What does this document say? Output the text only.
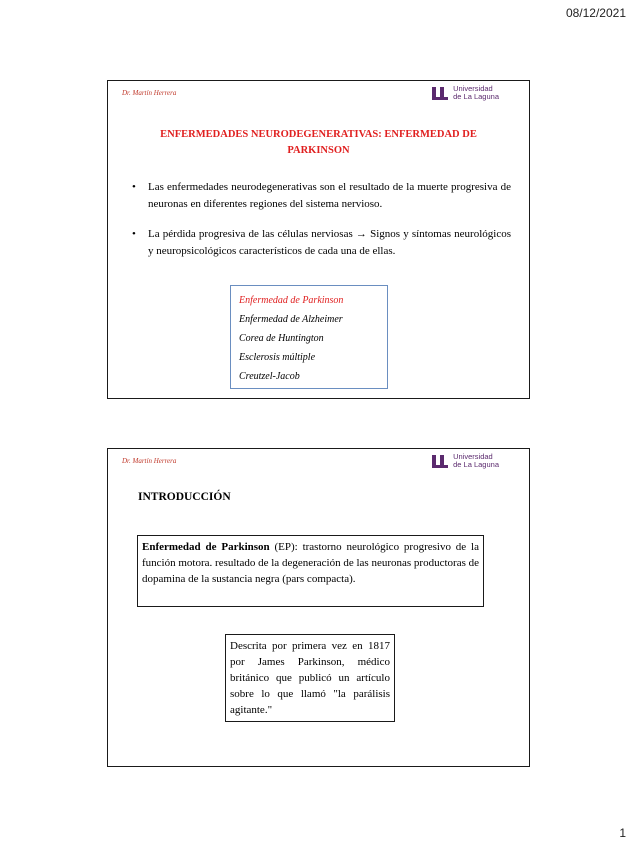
08/12/2021
Dr. Martín Herrera	Universidad
de La Laguna
ENFERMEDADES NEURODEGENERATIVAS: ENFERMEDAD DE PARKINSON
• Las enfermedades neurodegenerativas son el resultado de la muerte progresiva de neuronas en diferentes regiones del sistema nervioso.
• La pérdida progresiva de las células nerviosas → Signos y síntomas neurológicos y neuropsicológicos característicos de cada una de ellas.
Enfermedad de Parkinson
Enfermedad de Alzheimer
Corea de Huntington
Esclerosis múltiple
Creutzel-Jacob
Dr. Martín Herrera	Universidad
de La Laguna
INTRODUCCIÓN
Enfermedad de Parkinson (EP): trastorno neurológico progresivo de la función motora. resultado de la degeneración de las neuronas productoras de dopamina de la sustancia negra (pars compacta).
Descrita por primera vez en 1817 por James Parkinson, médico británico que publicó un artículo sobre lo que llamó "la parálisis agitante."
1
